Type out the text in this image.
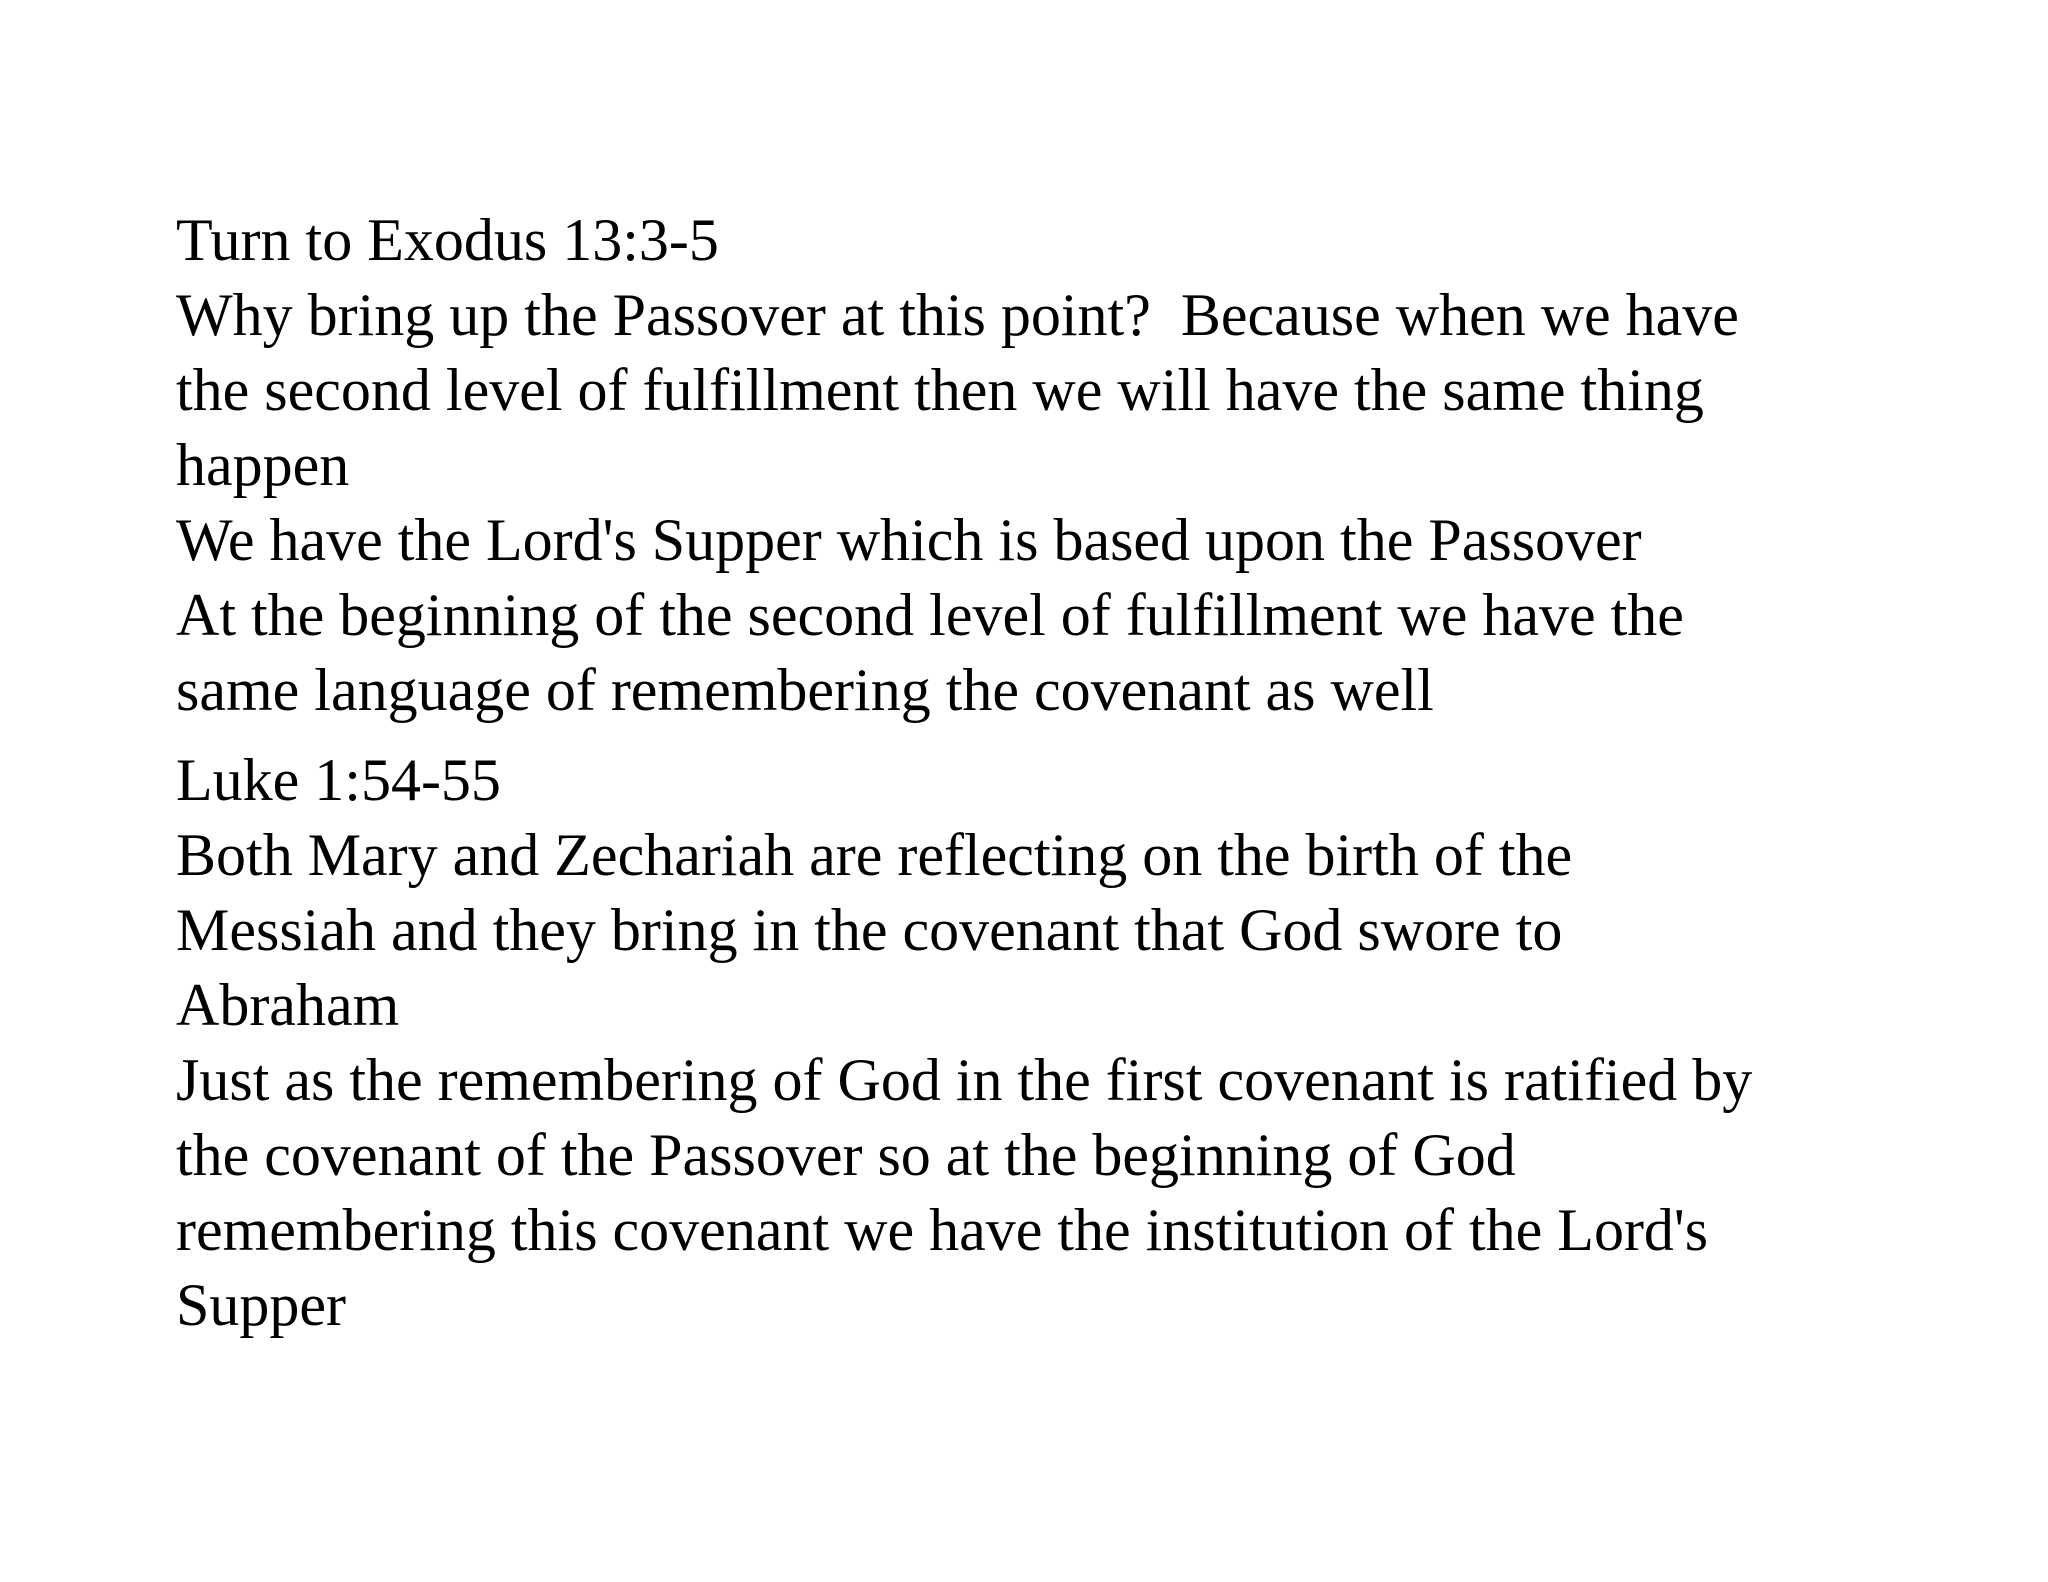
Turn to Exodus 13:3-5
Why bring up the Passover at this point?  Because when we have
the second level of fulfillment then we will have the same thing
happen
We have the Lord's Supper which is based upon the Passover
At the beginning of the second level of fulfillment we have the
same language of remembering the covenant as well
Luke 1:54-55
Both Mary and Zechariah are reflecting on the birth of the
Messiah and they bring in the covenant that God swore to
Abraham
Just as the remembering of God in the first covenant is ratified by
the covenant of the Passover so at the beginning of God
remembering this covenant we have the institution of the Lord's
Supper
